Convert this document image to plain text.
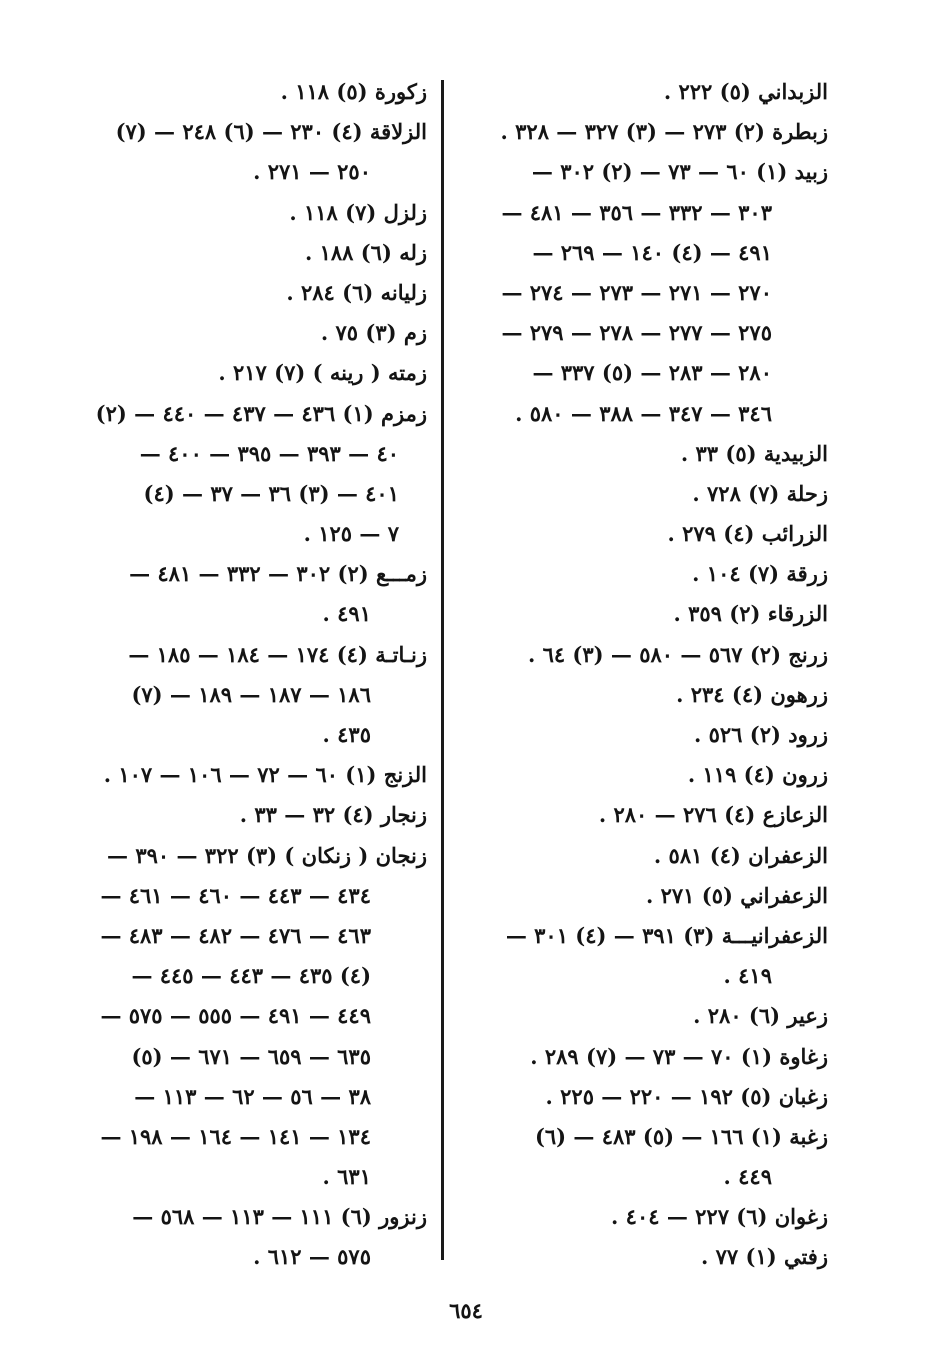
الزبداني (٥) ٢٢٢ .
زبطرة (٢) ٢٧٣ — (٣) ٣٢٧ — ٣٢٨ .
زبيد (١) ٦٠ — ٧٣ — (٢) ٣٠٢ —
٣٠٣ — ٣٣٢ — ٣٥٦ — ٤٨١ —
٤٩١ — (٤) ١٤٠ — ٢٦٩ —
٢٧٠ — ٢٧١ — ٢٧٣ — ٢٧٤ —
٢٧٥ — ٢٧٧ — ٢٧٨ — ٢٧٩ —
٢٨٠ — ٢٨٣ — (٥) ٣٣٧ —
٣٤٦ — ٣٤٧ — ٣٨٨ — ٥٨٠ .
الزبيدية (٥) ٣٣ .
زحلة (٧) ٧٢٨ .
الزرائب (٤) ٢٧٩ .
زرقة (٧) ١٠٤ .
الزرقاء (٢) ٣٥٩ .
زرنج (٢) ٥٦٧ — ٥٨٠ — (٣) ٦٤ .
زرهون (٤) ٢٣٤ .
زرود (٢) ٥٢٦ .
زرون (٤) ١١٩ .
الزعازع (٤) ٢٧٦ — ٢٨٠ .
الزعفران (٤) ٥٨١ .
الزعفراني (٥) ٢٧١ .
الزعفرانيـــة (٣) ٣٩١ — (٤) ٣٠١ —
٤١٩ .
زعير (٦) ٢٨٠ .
زغاوة (١) ٧٠ — ٧٣ — (٧) ٢٨٩ .
زغبان (٥) ١٩٢ — ٢٢٠ — ٢٢٥ .
زغبة (١) ١٦٦ — (٥) ٤٨٣ — (٦)
٤٤٩ .
زغوان (٦) ٢٢٧ — ٤٠٤ .
زفتي (١) ٧٧ .
زكورة (٥) ١١٨ .
الزلاقة (٤) ٢٣٠ — (٦) ٢٤٨ — (٧)
٢٥٠ — ٢٧١ .
زلزل (٧) ١١٨ .
زله (٦) ١٨٨ .
زليانه (٦) ٢٨٤ .
زم (٣) ٧٥ .
زمته ( رينه ) (٧) ٢١٧ .
زمزم (١) ٤٣٦ — ٤٣٧ — ٤٤٠ — (٢)
٤٠ — ٣٩٣ — ٣٩٥ — ٤٠٠ —
٤٠١ — (٣) ٣٦ — ٣٧ — (٤)
٧ — ١٢٥ .
زمـــع (٢) ٣٠٢ — ٣٣٢ — ٤٨١ —
٤٩١ .
زنـاتـة (٤) ١٧٤ — ١٨٤ — ١٨٥ —
١٨٦ — ١٨٧ — ١٨٩ — (٧)
٤٣٥ .
الزنج (١) ٦٠ — ٧٢ — ١٠٦ — ١٠٧ .
زنجار (٤) ٣٢ — ٣٣ .
زنجان ( زنكان ) (٣) ٣٢٢ — ٣٩٠ —
٤٣٤ — ٤٤٣ — ٤٦٠ — ٤٦١ —
٤٦٣ — ٤٧٦ — ٤٨٢ — ٤٨٣ —
(٤) ٤٣٥ — ٤٤٣ — ٤٤٥ —
٤٤٩ — ٤٩١ — ٥٥٥ — ٥٧٥ —
٦٣٥ — ٦٥٩ — ٦٧١ — (٥)
٣٨ — ٥٦ — ٦٢ — ١١٣ —
١٣٤ — ١٤١ — ١٦٤ — ١٩٨ —
٦٣١ .
زنزور (٦) ١١١ — ١١٣ — ٥٦٨ —
٥٧٥ — ٦١٢ .
٦٥٤
